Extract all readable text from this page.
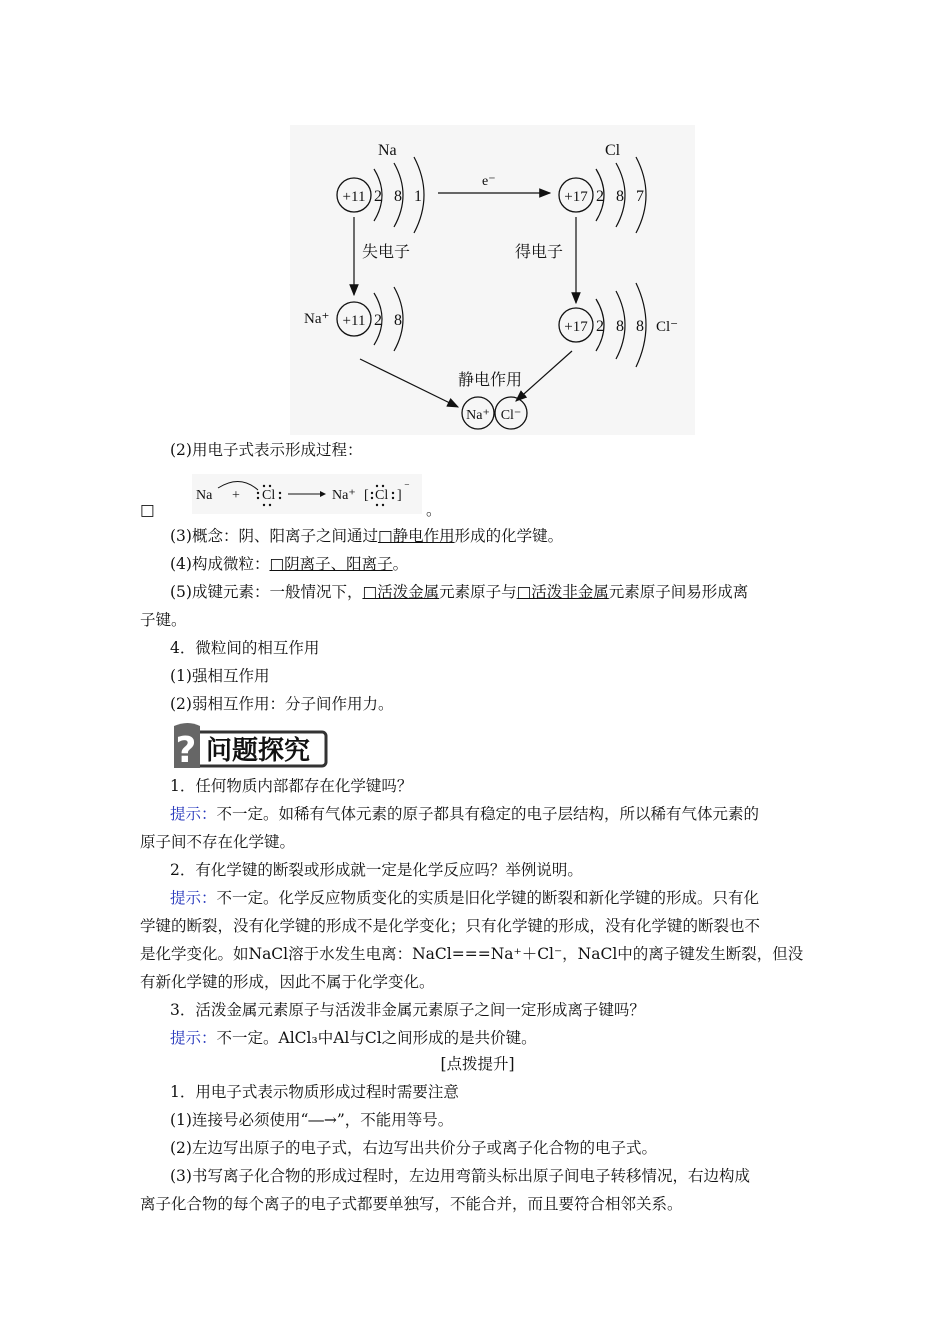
Na
+11 2 8 1
e⁻
Cl
+17 2 8 7
失电子	得电子
Na⁺ +11 2 8	+17 2 8 8 Cl⁻
静电作用
Na⁺ Cl⁻
(2)用电子式表示形成过程：
□
Na + Cl	Na⁺ [ Cl ]
⁻
。
(3)概念：阴、阳离子之间通过□静电作用形成的化学键。
(4)构成微粒：□阴离子、阳离子。
(5)成键元素：一般情况下，□活泼金属元素原子与□活泼非金属元素原子间易形成离
子键。
4．微粒间的相互作用
(1)强相互作用
(2)弱相互作用：分子间作用力。
? 问题探究
1．任何物质内部都存在化学键吗？
提示：不一定。如稀有气体元素的原子都具有稳定的电子层结构，所以稀有气体元素的
原子间不存在化学键。
2．有化学键的断裂或形成就一定是化学反应吗？举例说明。
提示：不一定。化学反应物质变化的实质是旧化学键的断裂和新化学键的形成。只有化
学键的断裂，没有化学键的形成不是化学变化；只有化学键的形成，没有化学键的断裂也不
是化学变化。如NaCl溶于水发生电离：NaCl===Na⁺＋Cl⁻，NaCl中的离子键发生断裂，但没
有新化学键的形成，因此不属于化学变化。
3．活泼金属元素原子与活泼非金属元素原子之间一定形成离子键吗？
提示：不一定。AlCl₃中Al与Cl之间形成的是共价键。
[点拨提升]
1．用电子式表示物质形成过程时需要注意
(1)连接号必须使用“―→”，不能用等号。
(2)左边写出原子的电子式，右边写出共价分子或离子化合物的电子式。
(3)书写离子化合物的形成过程时，左边用弯箭头标出原子间电子转移情况，右边构成
离子化合物的每个离子的电子式都要单独写，不能合并，而且要符合相邻关系。
